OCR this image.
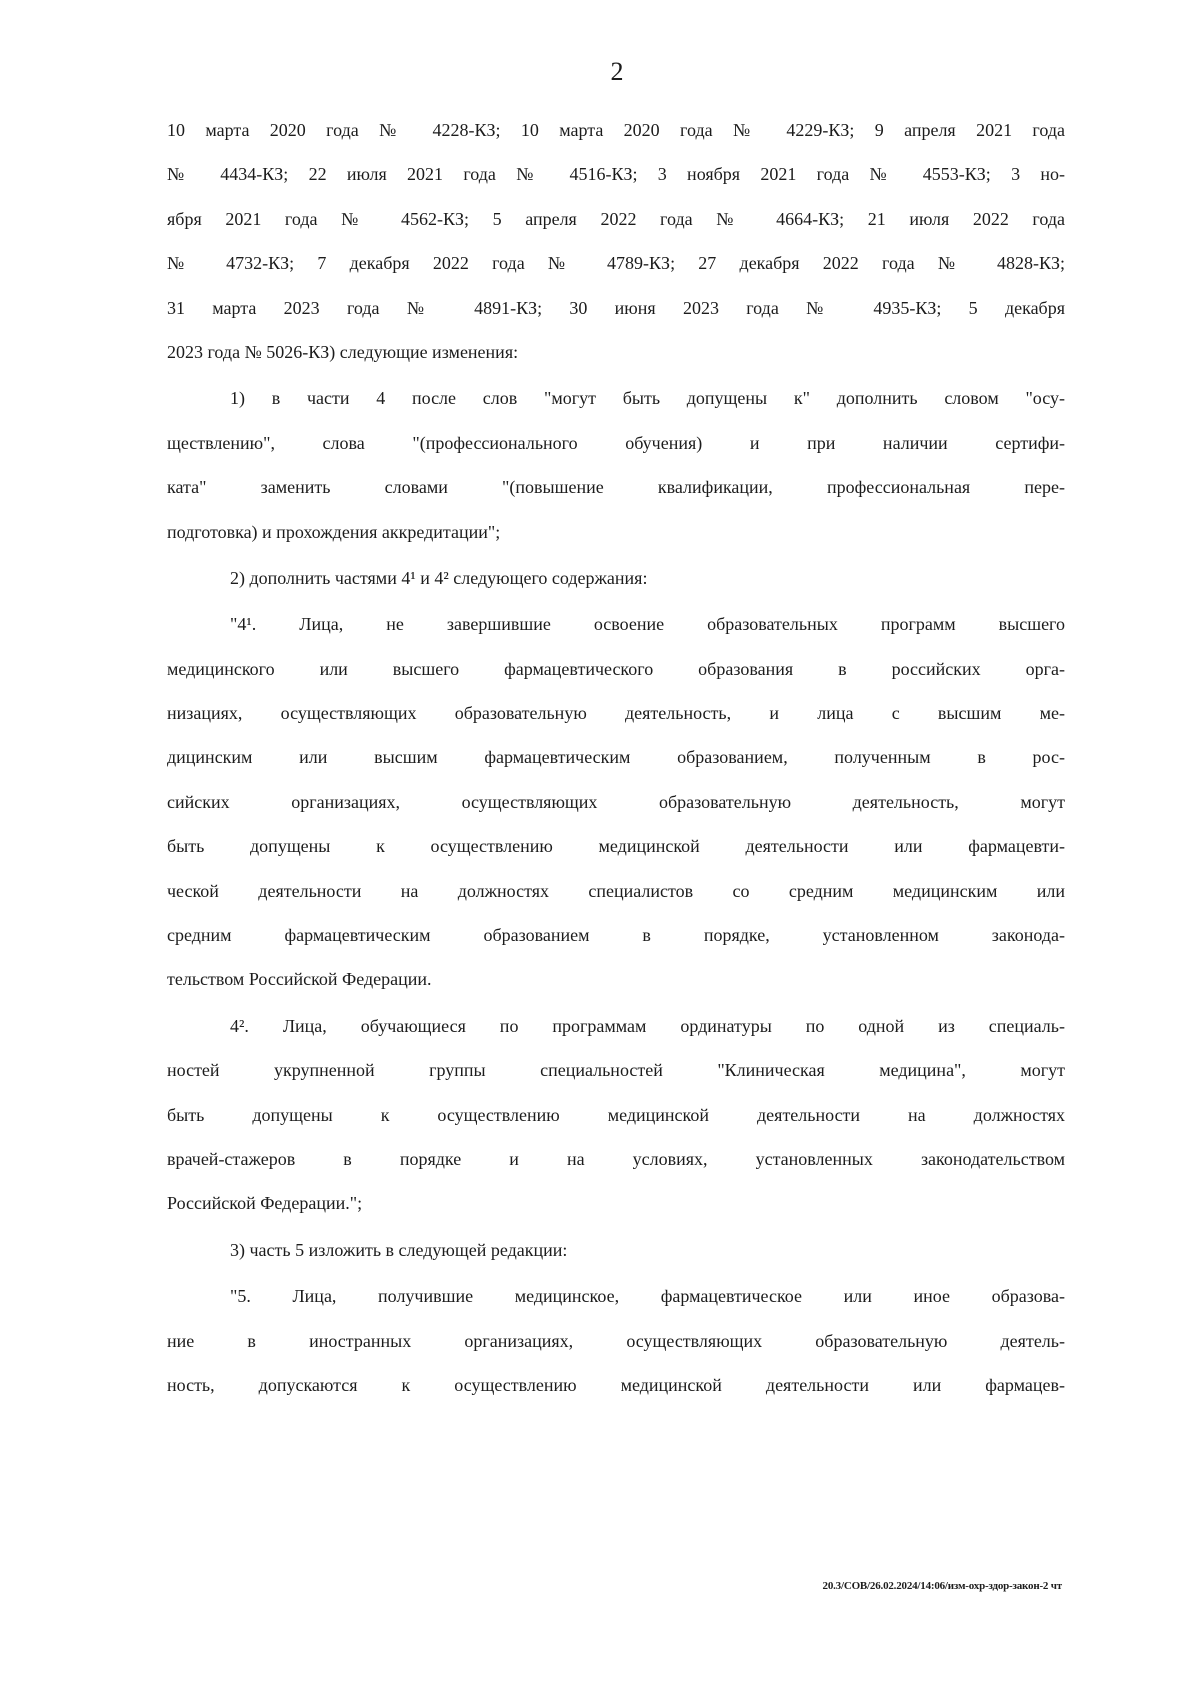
2
10 марта 2020 года № 4228-КЗ; 10 марта 2020 года № 4229-КЗ; 9 апреля 2021 года
№ 4434-КЗ; 22 июля 2021 года № 4516-КЗ; 3 ноября 2021 года № 4553-КЗ; 3 но-
ября 2021 года № 4562-КЗ; 5 апреля 2022 года № 4664-КЗ; 21 июля 2022 года
№ 4732-КЗ; 7 декабря 2022 года № 4789-КЗ; 27 декабря 2022 года № 4828-КЗ;
31 марта 2023 года № 4891-КЗ; 30 июня 2023 года № 4935-КЗ; 5 декабря
2023 года № 5026-КЗ) следующие изменения:
1) в части 4 после слов "могут быть допущены к" дополнить словом "осу-
ществлению", слова "(профессионального обучения) и при наличии сертифи-
ката" заменить словами "(повышение квалификации, профессиональная пере-
подготовка) и прохождения аккредитации";
2) дополнить частями 4¹ и 4² следующего содержания:
"4¹. Лица, не завершившие освоение образовательных программ высшего
медицинского или высшего фармацевтического образования в российских орга-
низациях, осуществляющих образовательную деятельность, и лица с высшим ме-
дицинским или высшим фармацевтическим образованием, полученным в рос-
сийских организациях, осуществляющих образовательную деятельность, могут
быть допущены к осуществлению медицинской деятельности или фармацевти-
ческой деятельности на должностях специалистов со средним медицинским или
средним фармацевтическим образованием в порядке, установленном законода-
тельством Российской Федерации.
4². Лица, обучающиеся по программам ординатуры по одной из специаль-
ностей укрупненной группы специальностей "Клиническая медицина", могут
быть допущены к осуществлению медицинской деятельности на должностях
врачей-стажеров в порядке и на условиях, установленных законодательством
Российской Федерации.";
3) часть 5 изложить в следующей редакции:
"5. Лица, получившие медицинское, фармацевтическое или иное образова-
ние в иностранных организациях, осуществляющих образовательную деятель-
ность, допускаются к осуществлению медицинской деятельности или фармацев-
20.3/СОВ/26.02.2024/14:06/изм-охр-здор-закон-2 чт
